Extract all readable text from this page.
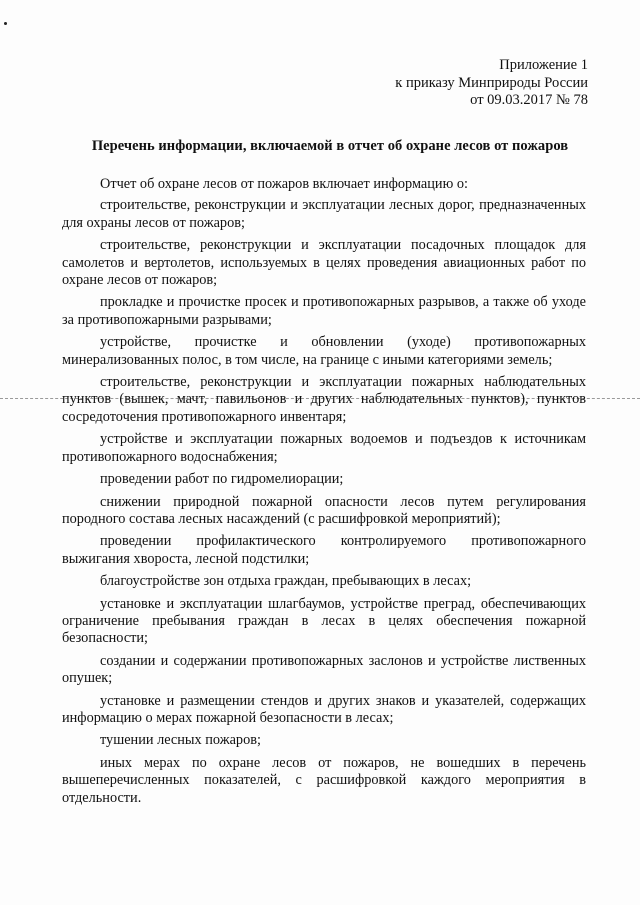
Приложение 1
к приказу Минприроды России
от 09.03.2017 № 78
Перечень информации, включаемой в отчет об охране лесов от пожаров

Отчет об охране лесов от пожаров включает информацию о:

строительстве, реконструкции и эксплуатации лесных дорог, предназначенных для охраны лесов от пожаров;
строительстве, реконструкции и эксплуатации посадочных площадок для самолетов и вертолетов, используемых в целях проведения авиационных работ по охране лесов от пожаров;
прокладке и прочистке просек и противопожарных разрывов, а также об уходе за противопожарными разрывами;
устройстве, прочистке и обновлении (уходе) противопожарных минерализованных полос, в том числе, на границе с иными категориями земель;
строительстве, реконструкции и эксплуатации пожарных наблюдательных пунктов (вышек, мачт, павильонов и других наблюдательных пунктов), пунктов сосредоточения противопожарного инвентаря;
устройстве и эксплуатации пожарных водоемов и подъездов к источникам противопожарного водоснабжения;
проведении работ по гидромелиорации;
снижении природной пожарной опасности лесов путем регулирования породного состава лесных насаждений (с расшифровкой мероприятий);
проведении профилактического контролируемого противопожарного выжигания хвороста, лесной подстилки;
благоустройстве зон отдыха граждан, пребывающих в лесах;
установке и эксплуатации шлагбаумов, устройстве преград, обеспечивающих ограничение пребывания граждан в лесах в целях обеспечения пожарной безопасности;
создании и содержании противопожарных заслонов и устройстве лиственных опушек;
установке и размещении стендов и других знаков и указателей, содержащих информацию о мерах пожарной безопасности в лесах;
тушении лесных пожаров;
иных мерах по охране лесов от пожаров, не вошедших в перечень вышеперечисленных показателей, с расшифровкой каждого мероприятия в отдельности.
